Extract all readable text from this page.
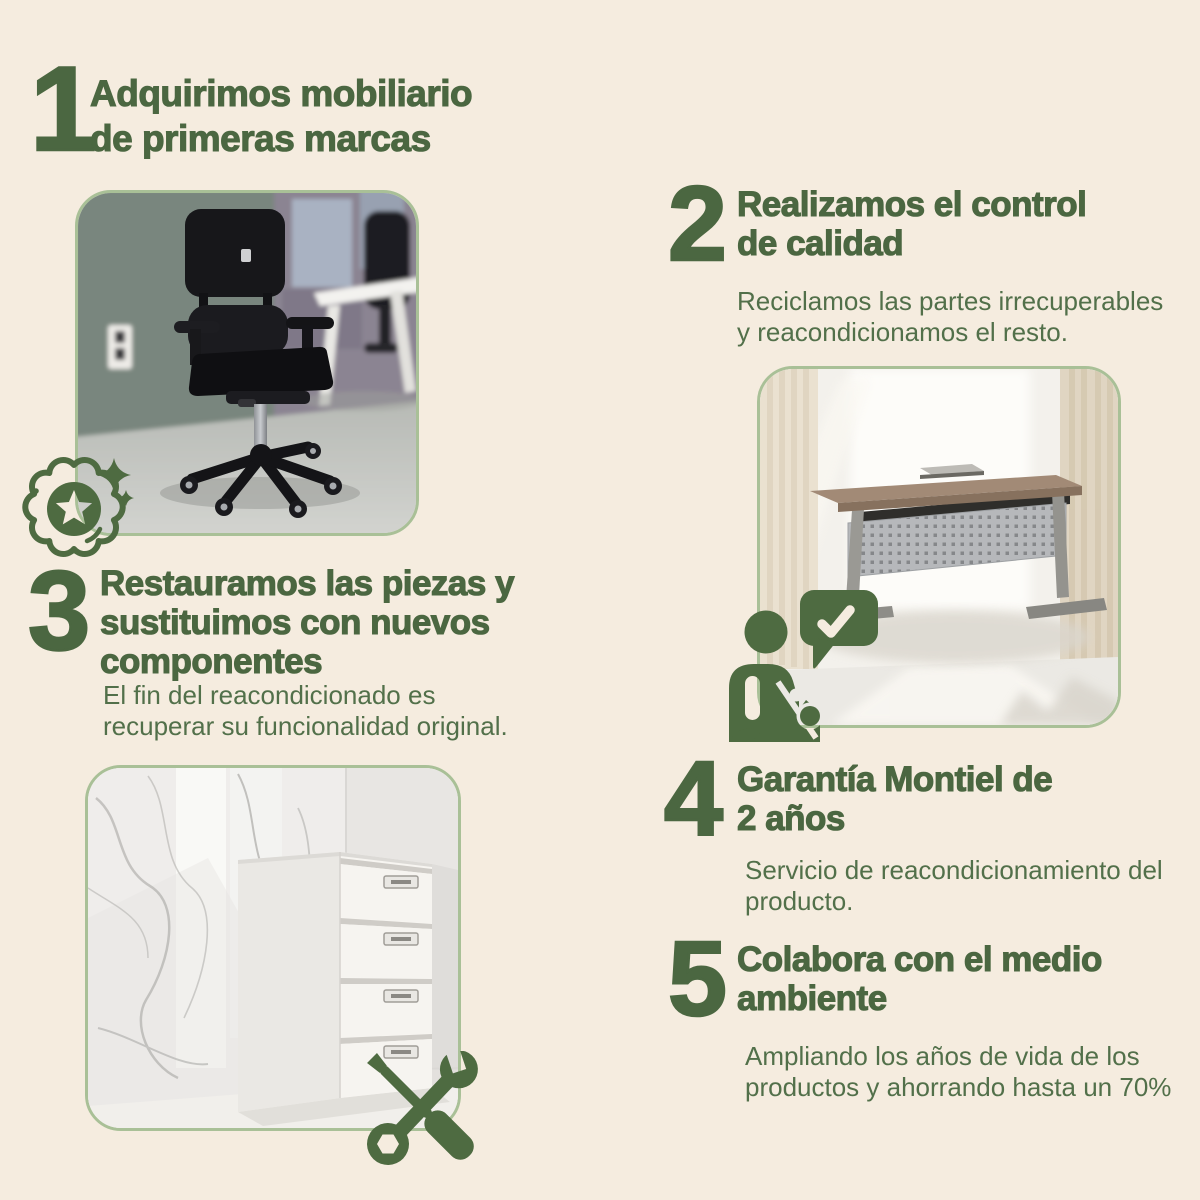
1
Adquirimos mobiliario
de primeras marcas
3 Restauramos las piezas y
sustituimos con nuevos
componentes
El fin del reacondicionado es
recuperar su funcionalidad original.
2 Realizamos el control
de calidad
Reciclamos las partes irrecuperables
y reacondicionamos el resto.
4 Garantía Montiel de
2 años
Servicio de reacondicionamiento del
producto.
5 Colabora con el medio
ambiente
Ampliando los años de vida de los
productos y ahorrando hasta un 70%
